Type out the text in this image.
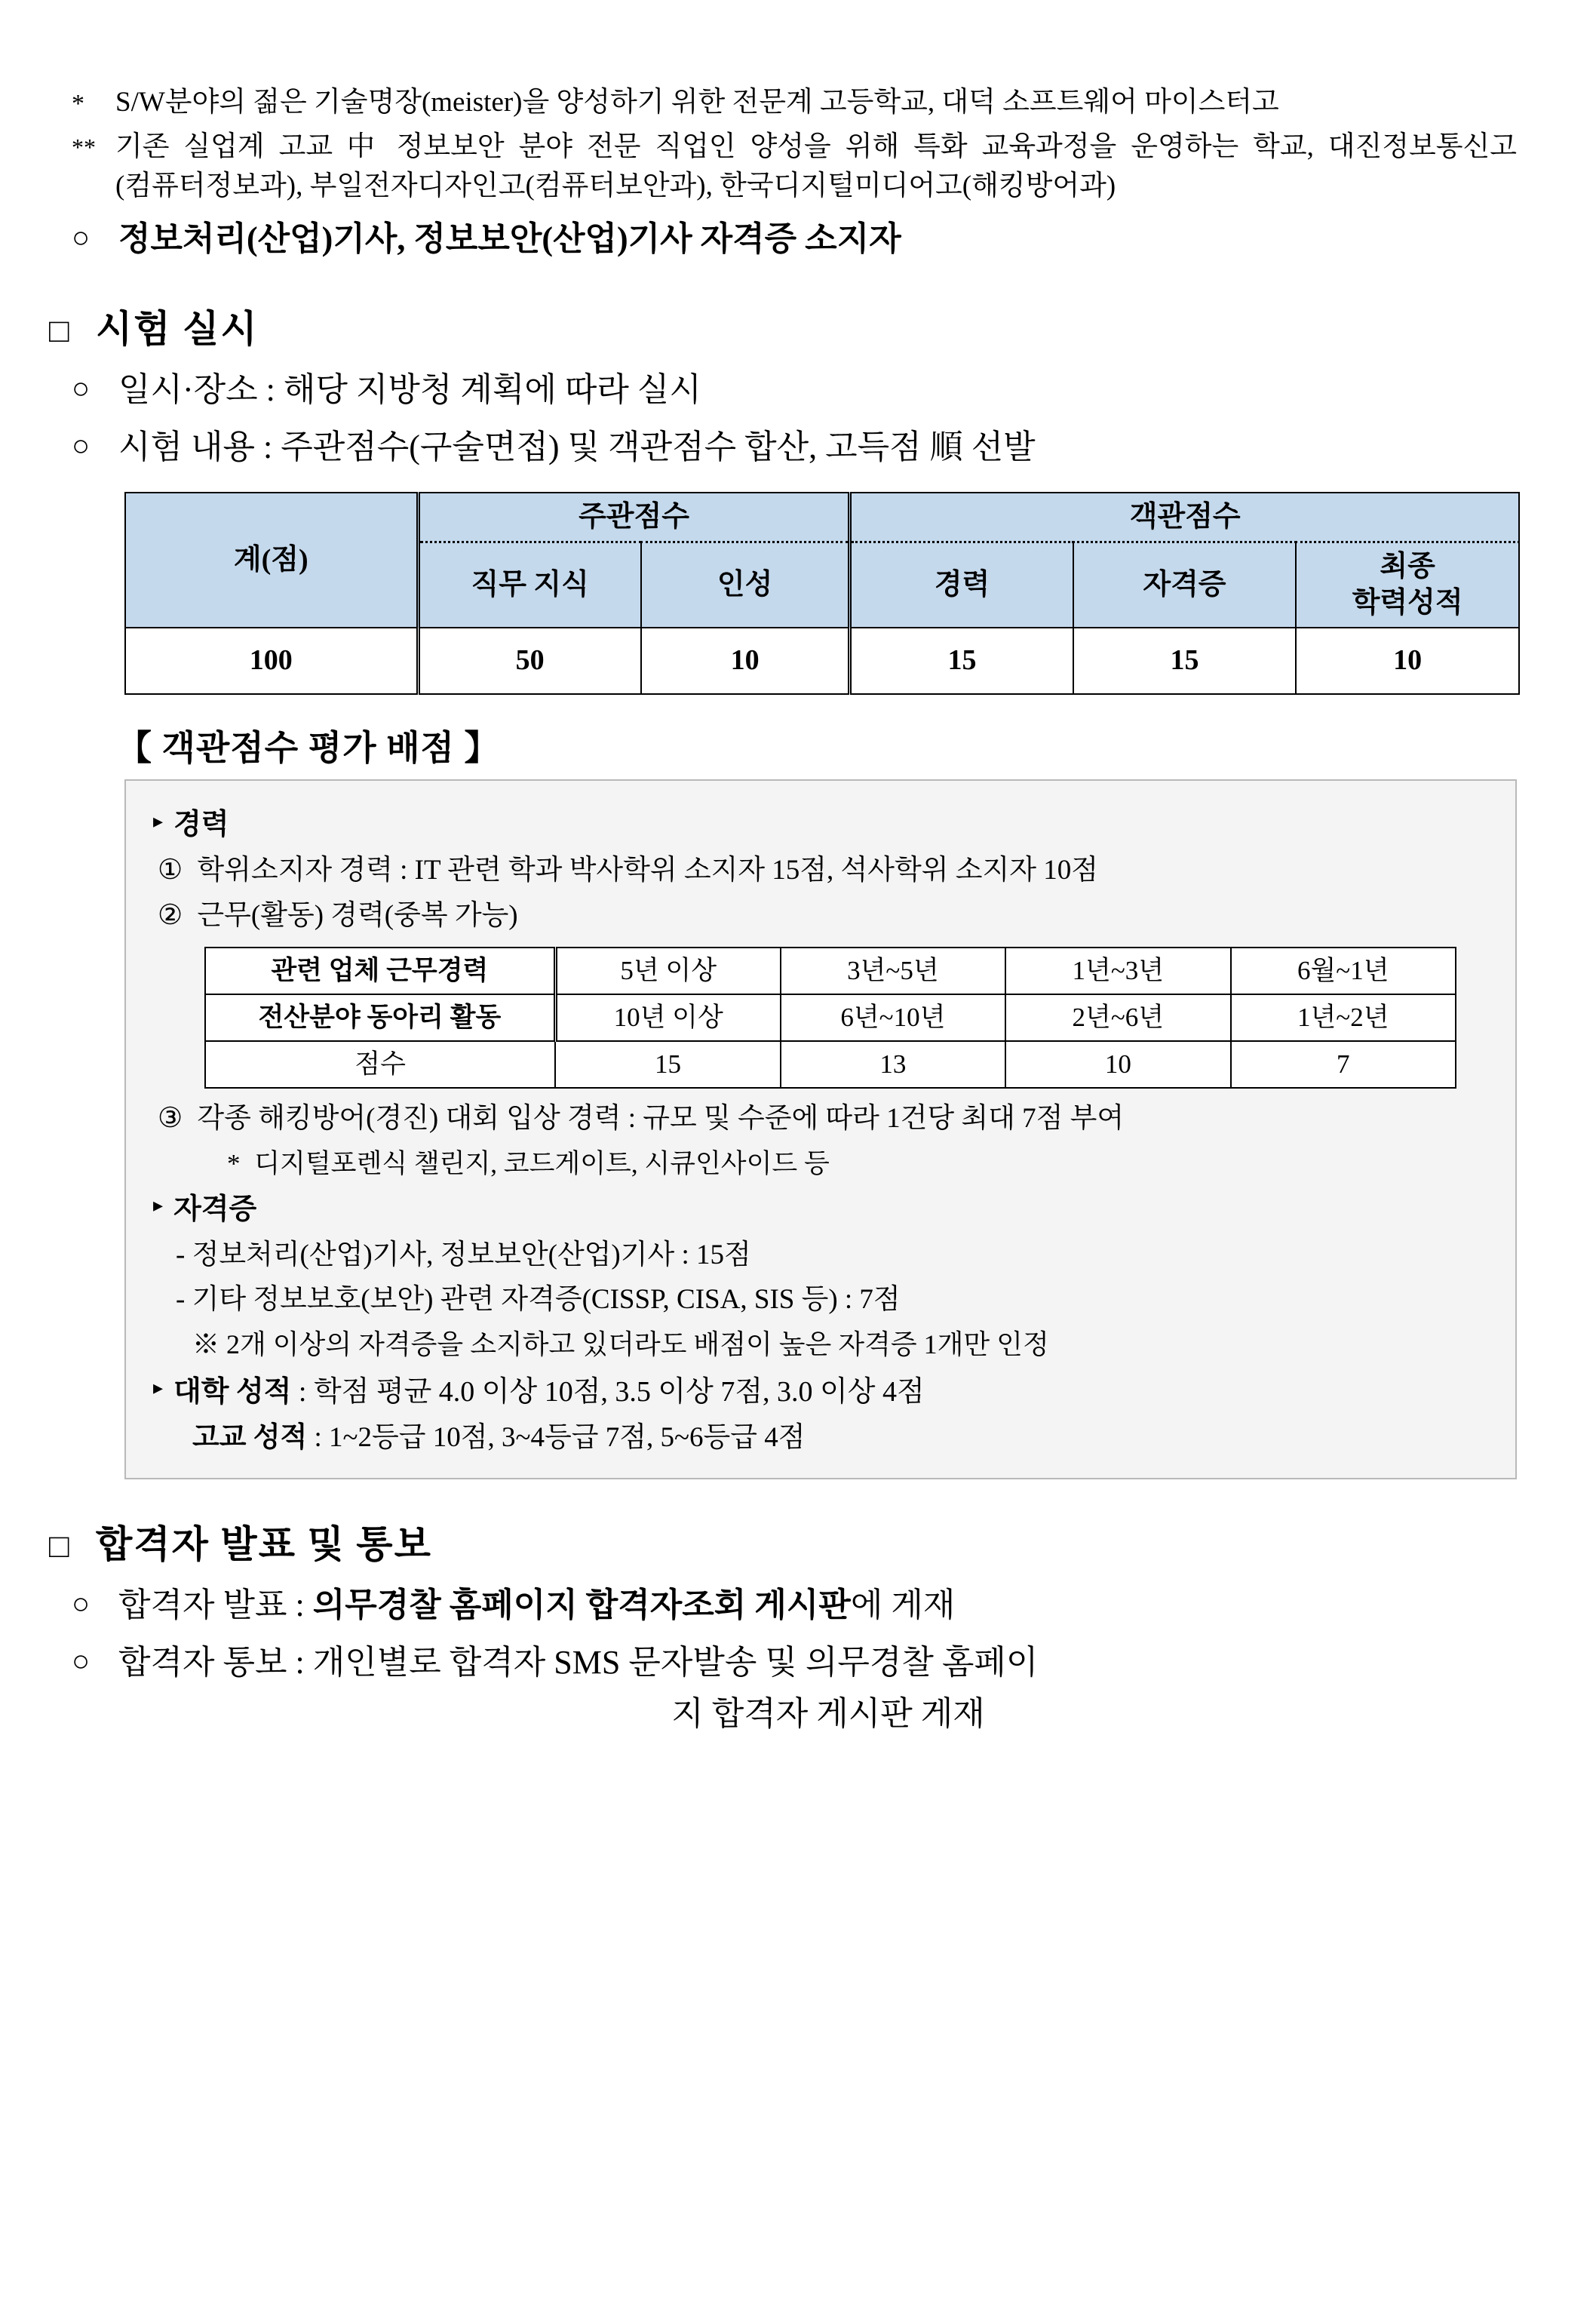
*	S/W분야의 젊은 기술명장(meister)을 양성하기 위한 전문계 고등학교, 대덕 소프트웨어 마이스터고
** 기존 실업계 고교 中 정보보안 분야 전문 직업인 양성을 위해 특화 교육과정을 운영하는 학교, 대진정보통신고(컴퓨터정보과), 부일전자디자인고(컴퓨터보안과), 한국디지털미디어고(해킹방어과)
○ 정보처리(산업)기사, 정보보안(산업)기사 자격증 소지자
□ 시험 실시
○ 일시·장소 : 해당 지방청 계획에 따라 실시
○ 시험 내용 : 주관점수(구술면접) 및 객관점수 합산, 고득점 順 선발
계(점)	주관점수		객관점수		
	직무 지식	인성	경력	자격증	최종
학력성적
100	50	10	15	15	10
【 객관점수 평가 배점 】
▸ 경력
① 학위소지자 경력 : IT 관련 학과 박사학위 소지자 15점, 석사학위 소지자 10점
② 근무(활동) 경력(중복 가능)
관련 업체 근무경력	5년 이상	3년~5년	1년~3년	6월~1년
전산분야 동아리 활동	10년 이상	6년~10년	2년~6년	1년~2년
점수	15	13	10	7
③ 각종 해킹방어(경진) 대회 입상 경력 : 규모 및 수준에 따라 1건당 최대 7점 부여
* 디지털포렌식 챌린지, 코드게이트, 시큐인사이드 등
▸ 자격증
- 정보처리(산업)기사, 정보보안(산업)기사 : 15점
- 기타 정보보호(보안) 관련 자격증(CISSP, CISA, SIS 등) : 7점
※ 2개 이상의 자격증을 소지하고 있더라도 배점이 높은 자격증 1개만 인정
▸ 대학 성적 : 학점 평균 4.0 이상 10점, 3.5 이상 7점, 3.0 이상 4점
고교 성적 : 1~2등급 10점, 3~4등급 7점, 5~6등급 4점
□ 합격자 발표 및 통보
○ 합격자 발표 : 의무경찰 홈페이지 합격자조회 게시판에 게재
○ 합격자 통보 : 개인별로 합격자 SMS 문자발송 및 의무경찰 홈페이
지 합격자 게시판 게재
